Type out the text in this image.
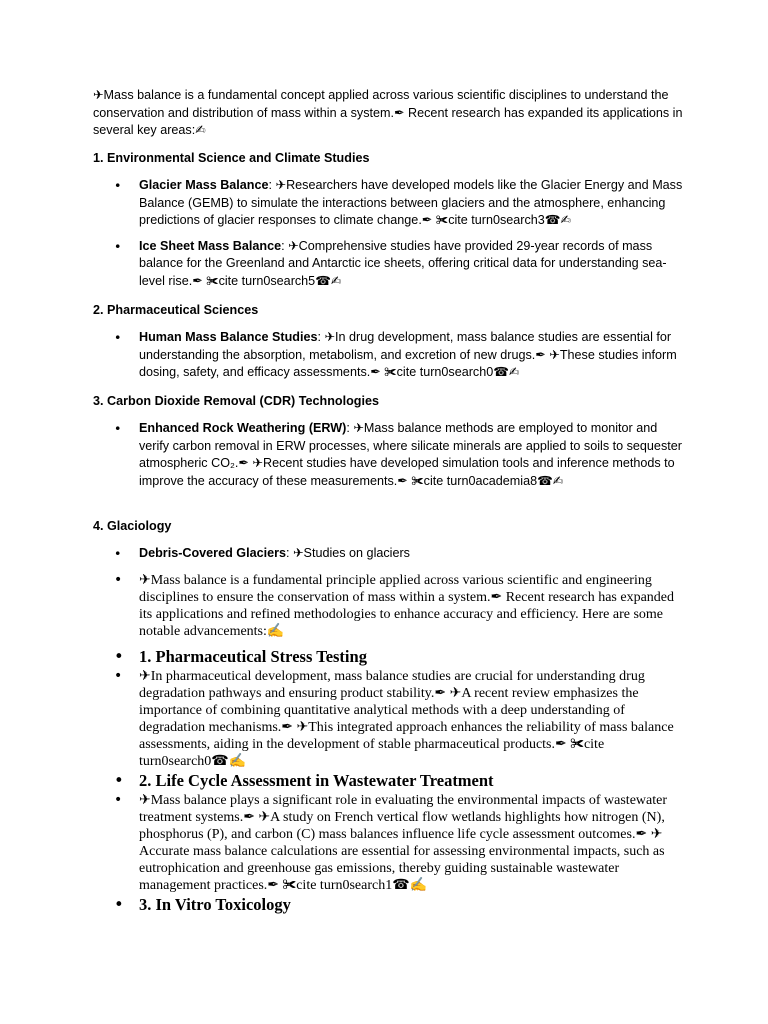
✈Mass balance is a fundamental concept applied across various scientific disciplines to understand the conservation and distribution of mass within a system.✒ Recent research has expanded its applications in several key areas:✍

1. Environmental Science and Climate Studies

• Glacier Mass Balance: ✈Researchers have developed models like the Glacier Energy and Mass Balance (GEMB) to simulate the interactions between glaciers and the atmosphere, enhancing predictions of glacier responses to climate change.✒ ✀cite turn0search3☎✍
• Ice Sheet Mass Balance: ✈Comprehensive studies have provided 29-year records of mass balance for the Greenland and Antarctic ice sheets, offering critical data for understanding sea-level rise.✒ ✀cite turn0search5☎✍

2. Pharmaceutical Sciences

• Human Mass Balance Studies: ✈In drug development, mass balance studies are essential for understanding the absorption, metabolism, and excretion of new drugs.✒ ✈These studies inform dosing, safety, and efficacy assessments.✒ ✀cite turn0search0☎✍

3. Carbon Dioxide Removal (CDR) Technologies

• Enhanced Rock Weathering (ERW): ✈Mass balance methods are employed to monitor and verify carbon removal in ERW processes, where silicate minerals are applied to soils to sequester atmospheric CO₂.✒ ✈Recent studies have developed simulation tools and inference methods to improve the accuracy of these measurements.✒ ✀cite turn0academia8☎✍

4. Glaciology

• Debris-Covered Glaciers: ✈Studies on glaciers
• ✈Mass balance is a fundamental principle applied across various scientific and engineering disciplines to ensure the conservation of mass within a system.✒ Recent research has expanded its applications and refined methodologies to enhance accuracy and efficiency. Here are some notable advancements:✍
• 1. Pharmaceutical Stress Testing
• ✈In pharmaceutical development, mass balance studies are crucial for understanding drug degradation pathways and ensuring product stability.✒ ✈A recent review emphasizes the importance of combining quantitative analytical methods with a deep understanding of degradation mechanisms.✒ ✈This integrated approach enhances the reliability of mass balance assessments, aiding in the development of stable pharmaceutical products.✒ ✀cite turn0search0☎✍
• 2. Life Cycle Assessment in Wastewater Treatment
• ✈Mass balance plays a significant role in evaluating the environmental impacts of wastewater treatment systems.✒ ✈A study on French vertical flow wetlands highlights how nitrogen (N), phosphorus (P), and carbon (C) mass balances influence life cycle assessment outcomes.✒ ✈Accurate mass balance calculations are essential for assessing environmental impacts, such as eutrophication and greenhouse gas emissions, thereby guiding sustainable wastewater management practices.✒ ✀cite turn0search1☎✍
• 3. In Vitro Toxicology
